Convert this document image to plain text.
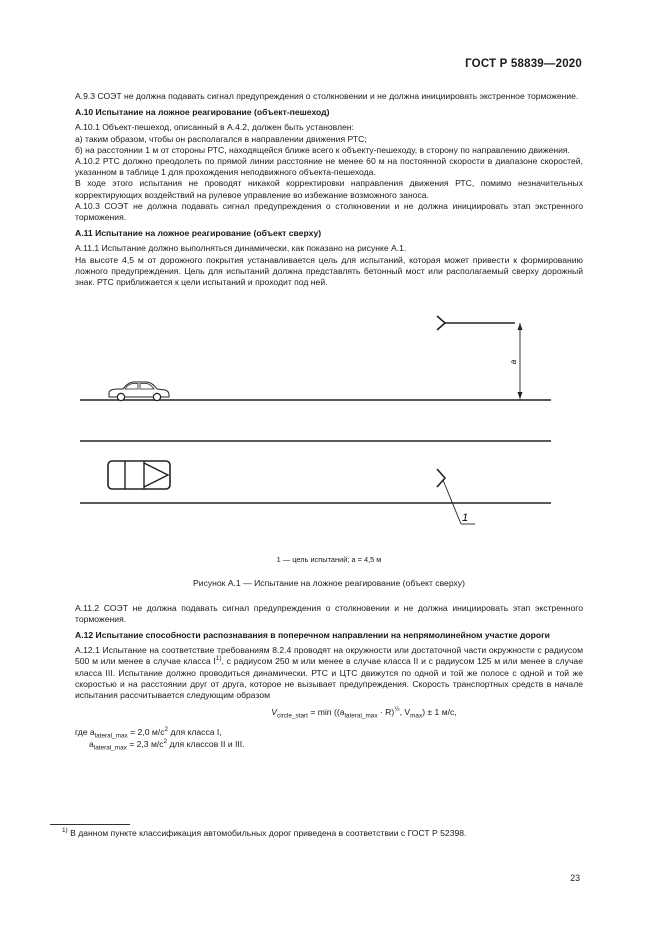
ГОСТ Р 58839—2020

А.9.3 СОЭТ не должна подавать сигнал предупреждения о столкновении и не должна инициировать экстренное торможение.

А.10 Испытание на ложное реагирование (объект-пешеход)

А.10.1 Объект-пешеход, описанный в А.4.2, должен быть установлен:

а) таким образом, чтобы он располагался в направлении движения РТС;

б) на расстоянии 1 м от стороны РТС, находящейся ближе всего к объекту-пешеходу, в сторону по направлению движения.

А.10.2 РТС должно преодолеть по прямой линии расстояние не менее 60 м на постоянной скорости в диапазоне скоростей, указанном в таблице 1 для прохождения неподвижного объекта-пешехода.

В ходе этого испытания не проводят никакой корректировки направления движения РТС, помимо незначительных корректирующих воздействий на рулевое управление во избежание возможного заноса.

А.10.3 СОЭТ не должна подавать сигнал предупреждения о столкновении и не должна инициировать этап экстренного торможения.

А.11 Испытание на ложное реагирование (объект сверху)

А.11.1 Испытание должно выполняться динамически, как показано на рисунке А.1.

На высоте 4,5 м от дорожного покрытия устанавливается цель для испытаний, которая может привести к формированию ложного предупреждения. Цель для испытаний должна представлять бетонный мост или располагаемый сверху дорожный знак. РТС приближается к цели испытаний и проходит под ней.

a
1
1 — цель испытаний; a = 4,5 м
Рисунок А.1 — Испытание на ложное реагирование (объект сверху)

А.11.2 СОЭТ не должна подавать сигнал предупреждения о столкновении и не должна инициировать этап экстренного торможения.

А.12 Испытание способности распознавания в поперечном направлении на непрямолинейном участке дороги

А.12.1 Испытание на соответствие требованиям 8.2.4 проводят на окружности или достаточной части окружности с радиусом 500 м или менее в случае класса $I^{1)}$, с радиусом 250 м или менее в случае класса II и с радиусом 125 м или менее в случае класса III. Испытание должно проводиться динамически. РТС и ЦТС движутся по одной и той же полосе с одной и той же скоростью и на расстоянии друг от друга, которое не вызывает предупреждения. Скорость транспортных средств в начале испытания рассчитывается следующим образом

$V_{circle\_start} = \min ((a_{lateral\_max} \cdot R)^{\frac{1}{2}}$, $V_{max}) \pm 1$ м/с,
где $a_{lateral\_max} = 2,0$ $м/с^2$ для класса I,
$a_{lateral\_max} = 2,3$ $м/с^2$ для классов II и III.
$^{1)}$ В данном пункте классификация автомобильных дорог приведена в соответствии с ГОСТ Р 52398.
23
